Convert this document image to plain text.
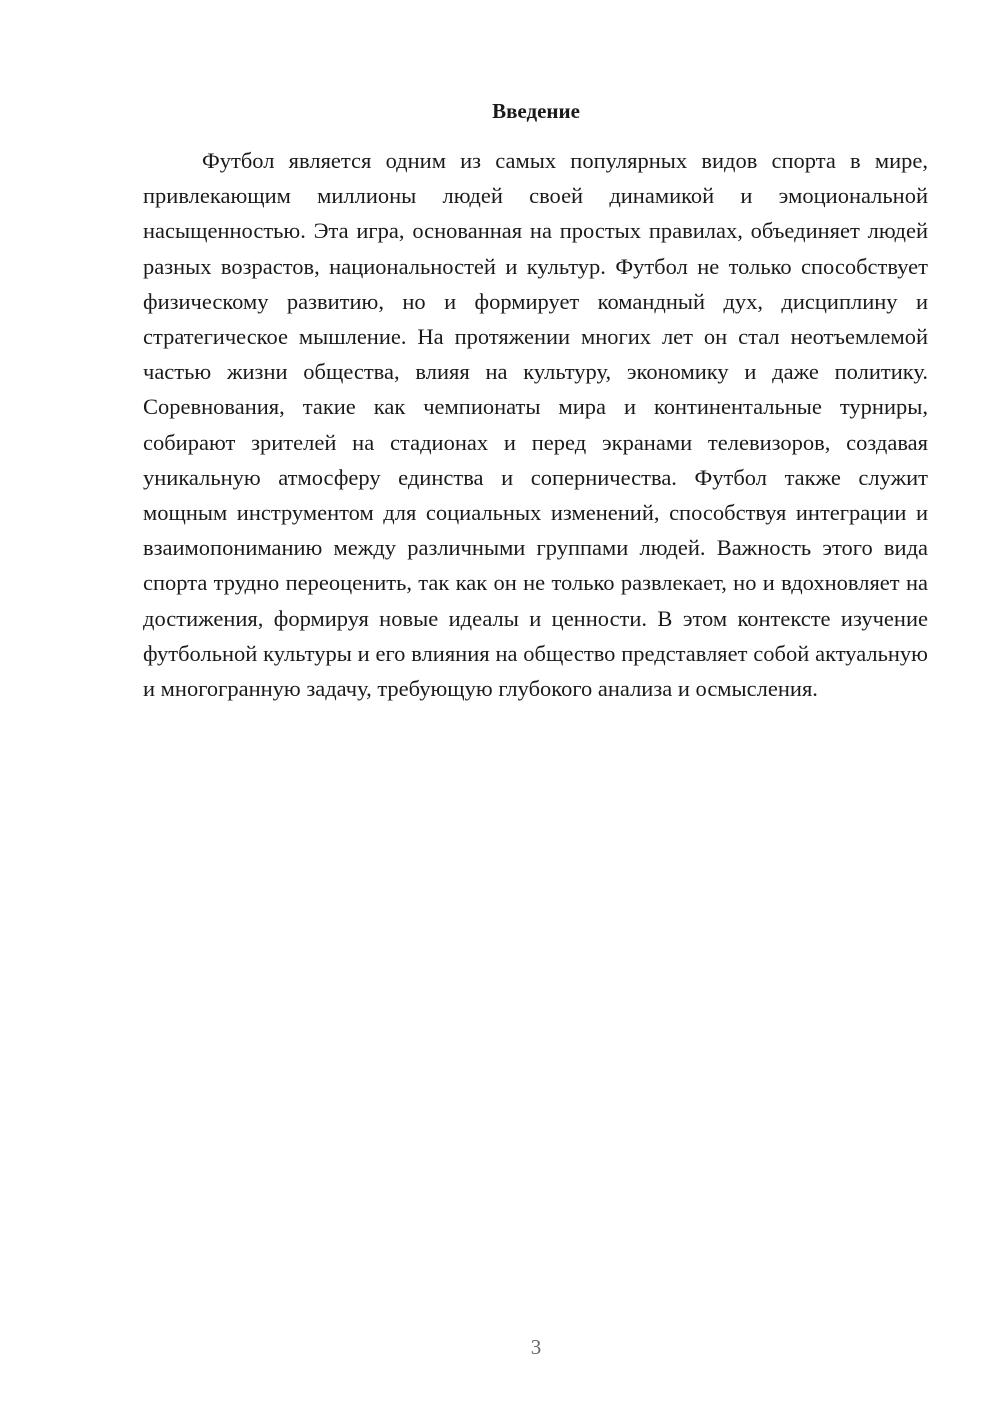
Введение

Футбол является одним из самых популярных видов спорта в мире, привлекающим миллионы людей своей динамикой и эмоциональной насыщенностью. Эта игра, основанная на простых правилах, объединяет людей разных возрастов, национальностей и культур. Футбол не только способствует физическому развитию, но и формирует командный дух, дисциплину и стратегическое мышление. На протяжении многих лет он стал неотъемлемой частью жизни общества, влияя на культуру, экономику и даже политику. Соревнования, такие как чемпионаты мира и континентальные турниры, собирают зрителей на стадионах и перед экранами телевизоров, создавая уникальную атмосферу единства и соперничества. Футбол также служит мощным инструментом для социальных изменений, способствуя интеграции и взаимопониманию между различными группами людей. Важность этого вида спорта трудно переоценить, так как он не только развлекает, но и вдохновляет на достижения, формируя новые идеалы и ценности. В этом контексте изучение футбольной культуры и его влияния на общество представляет собой актуальную и многогранную задачу, требующую глубокого анализа и осмысления.

3
